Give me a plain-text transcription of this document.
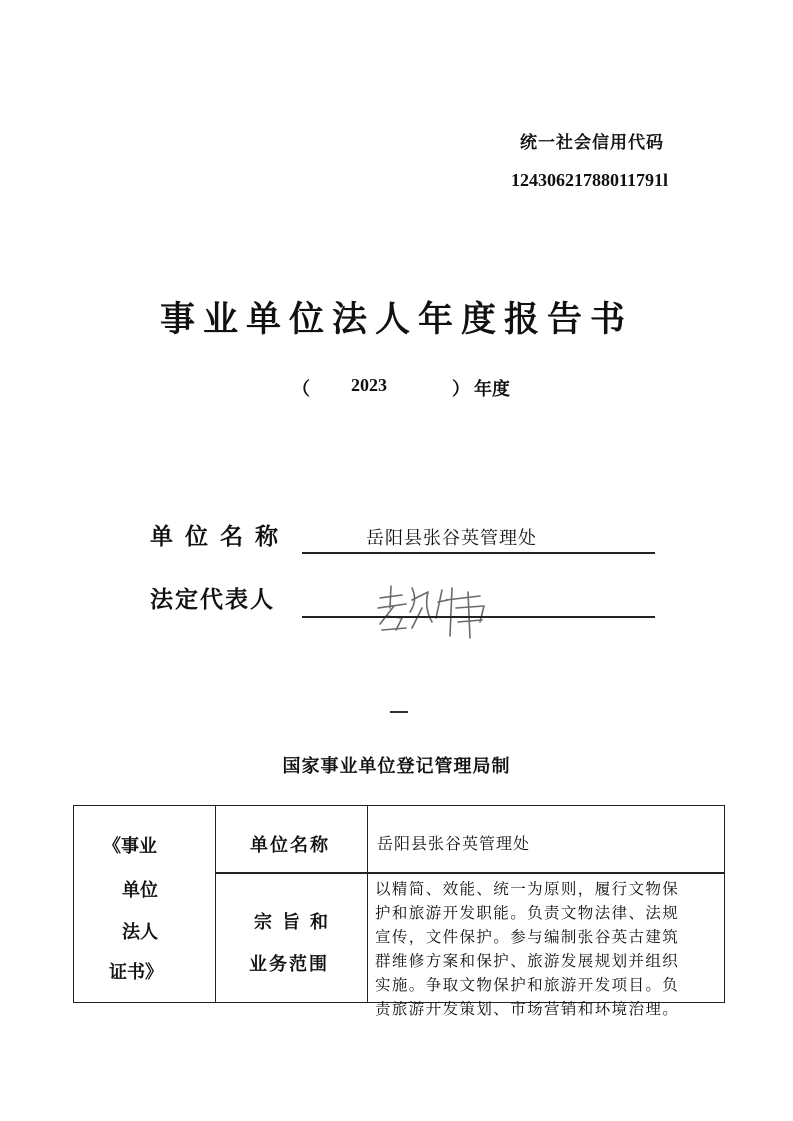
统一社会信用代码
12430621788011791l
事业单位法人年度报告书
（ 2023	） 年度
单位名称	岳阳县张谷英管理处
法定代表人
国家事业单位登记管理局制
《事业
单位
法人
证书》
单位名称	岳阳县张谷英管理处
宗旨和
业务范围
以精简、效能、统一为原则，履行文物保
护和旅游开发职能。负责文物法律、法规
宣传，文件保护。参与编制张谷英古建筑
群维修方案和保护、旅游发展规划并组织
实施。争取文物保护和旅游开发项目。负
责旅游开发策划、市场营销和环境治理。
